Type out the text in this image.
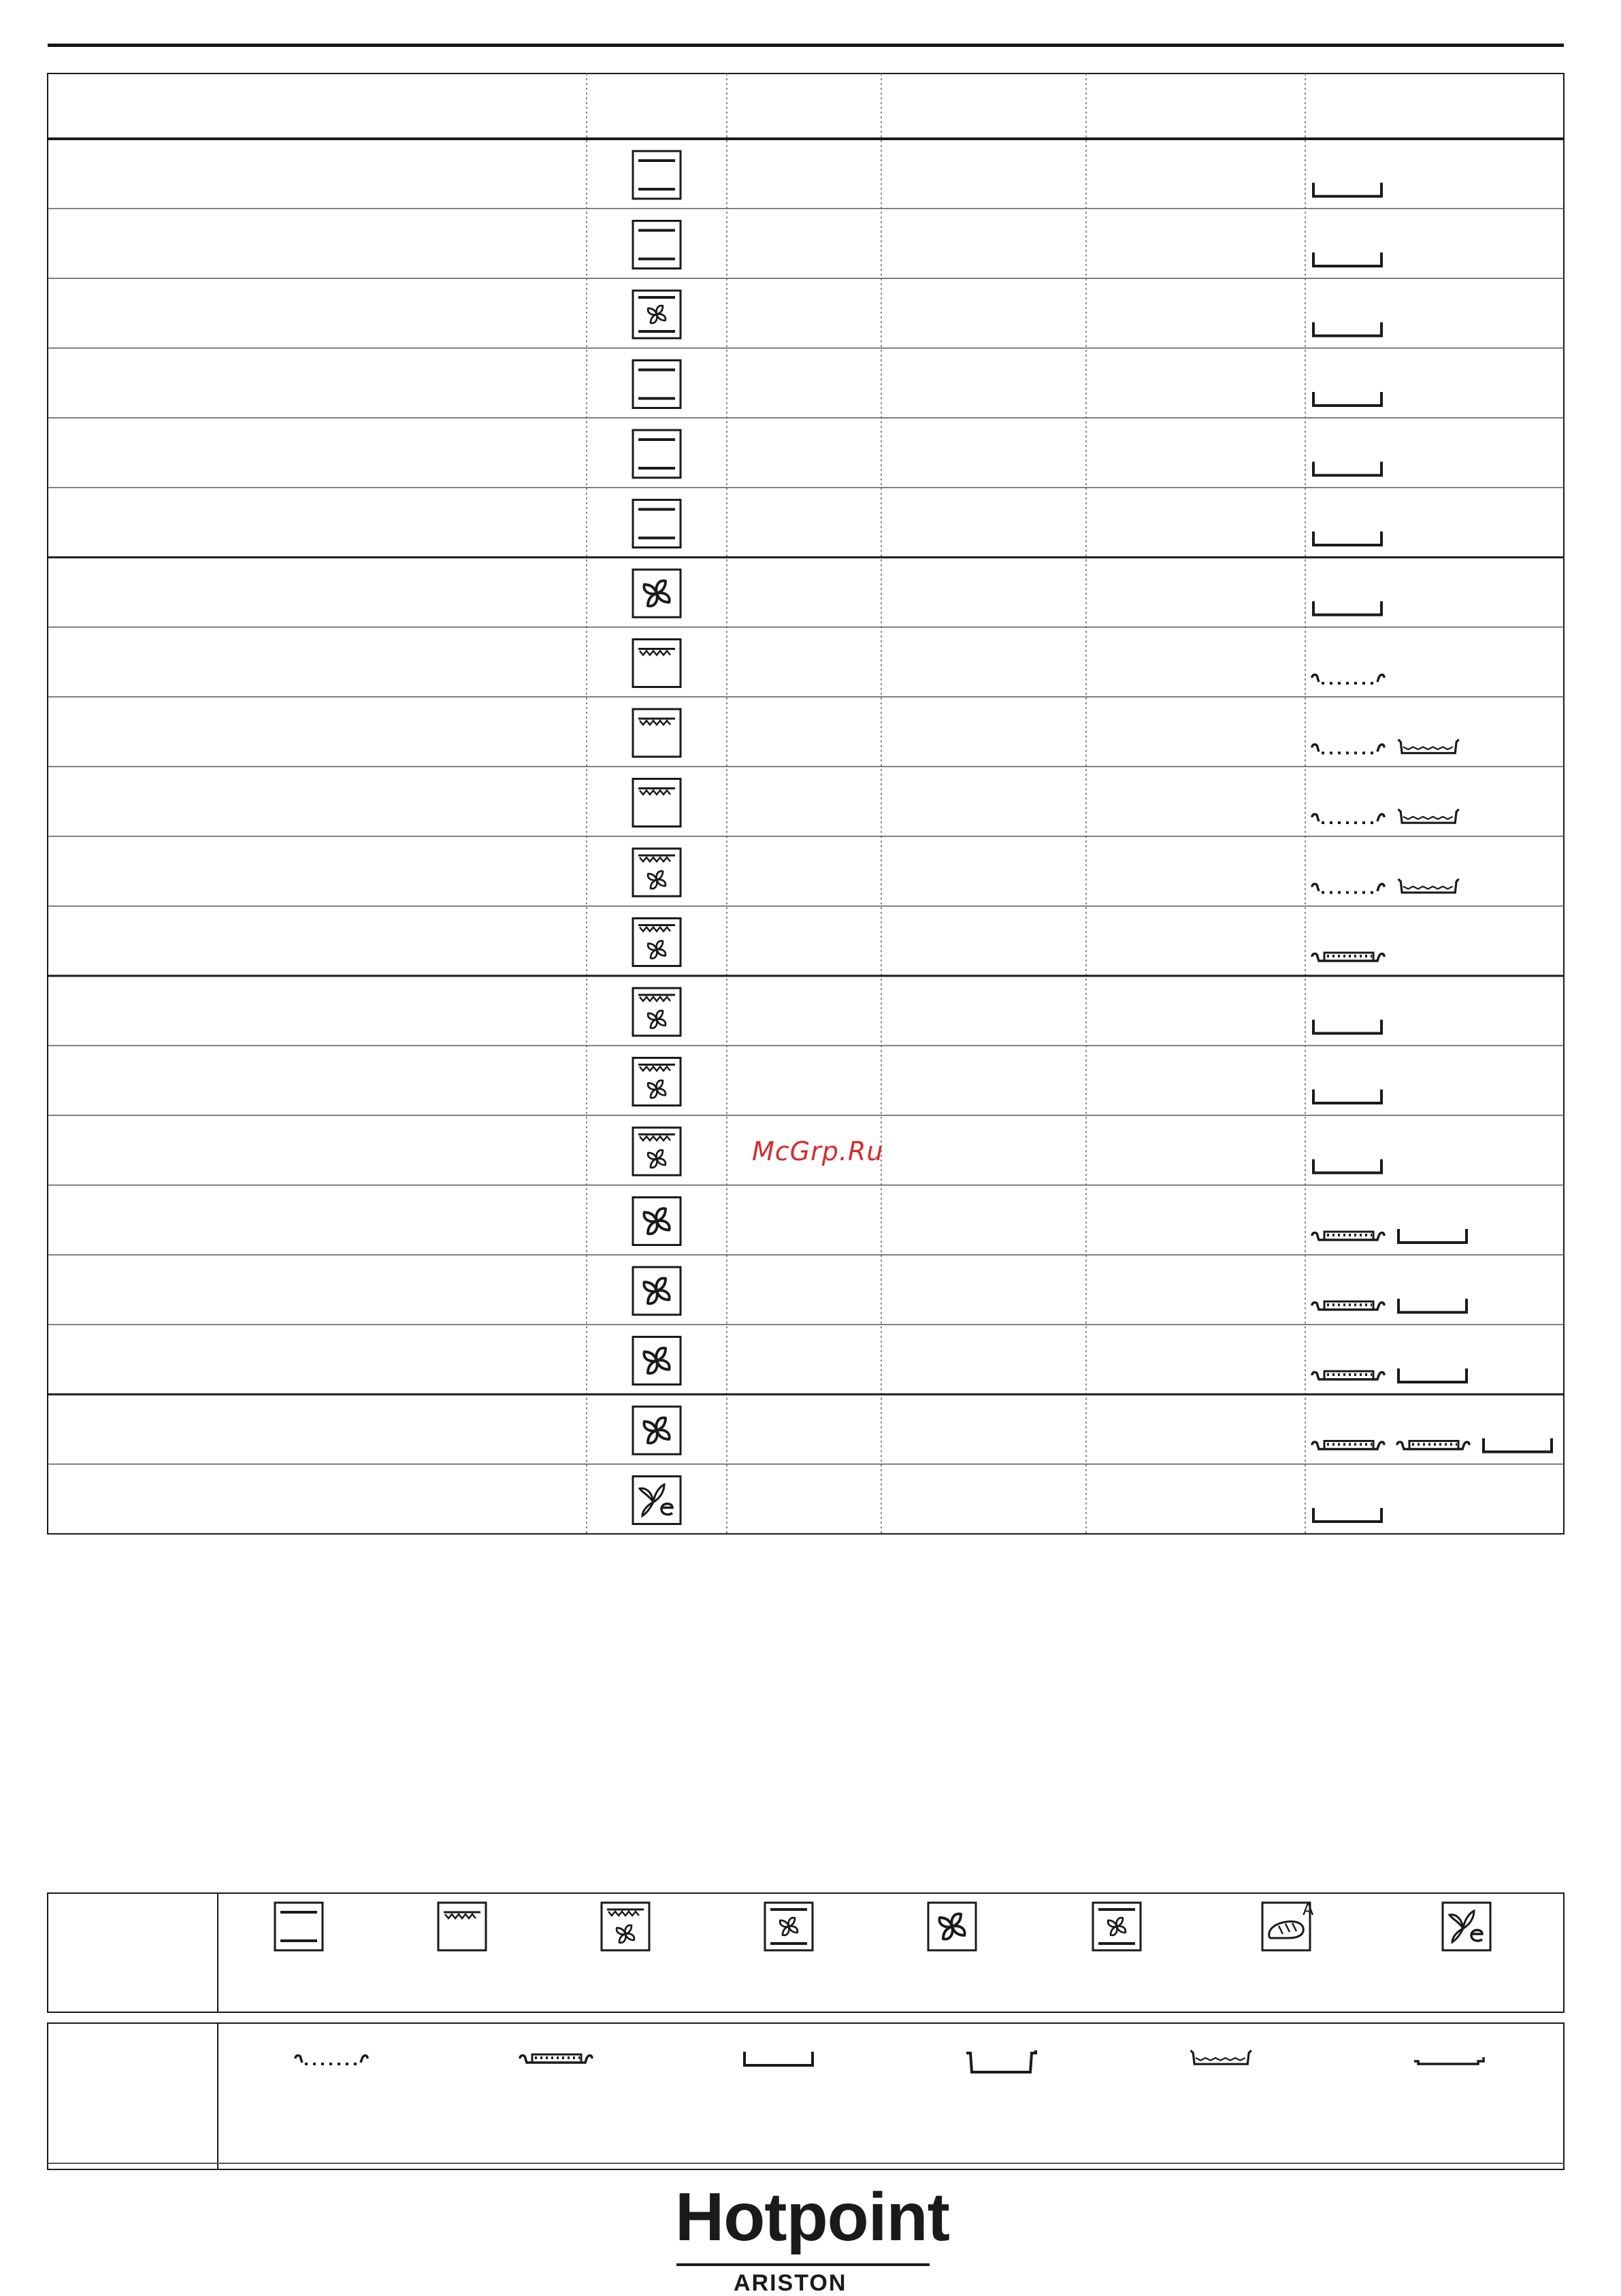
A
McGrp.Ru
Hotpoint
ARISTON
